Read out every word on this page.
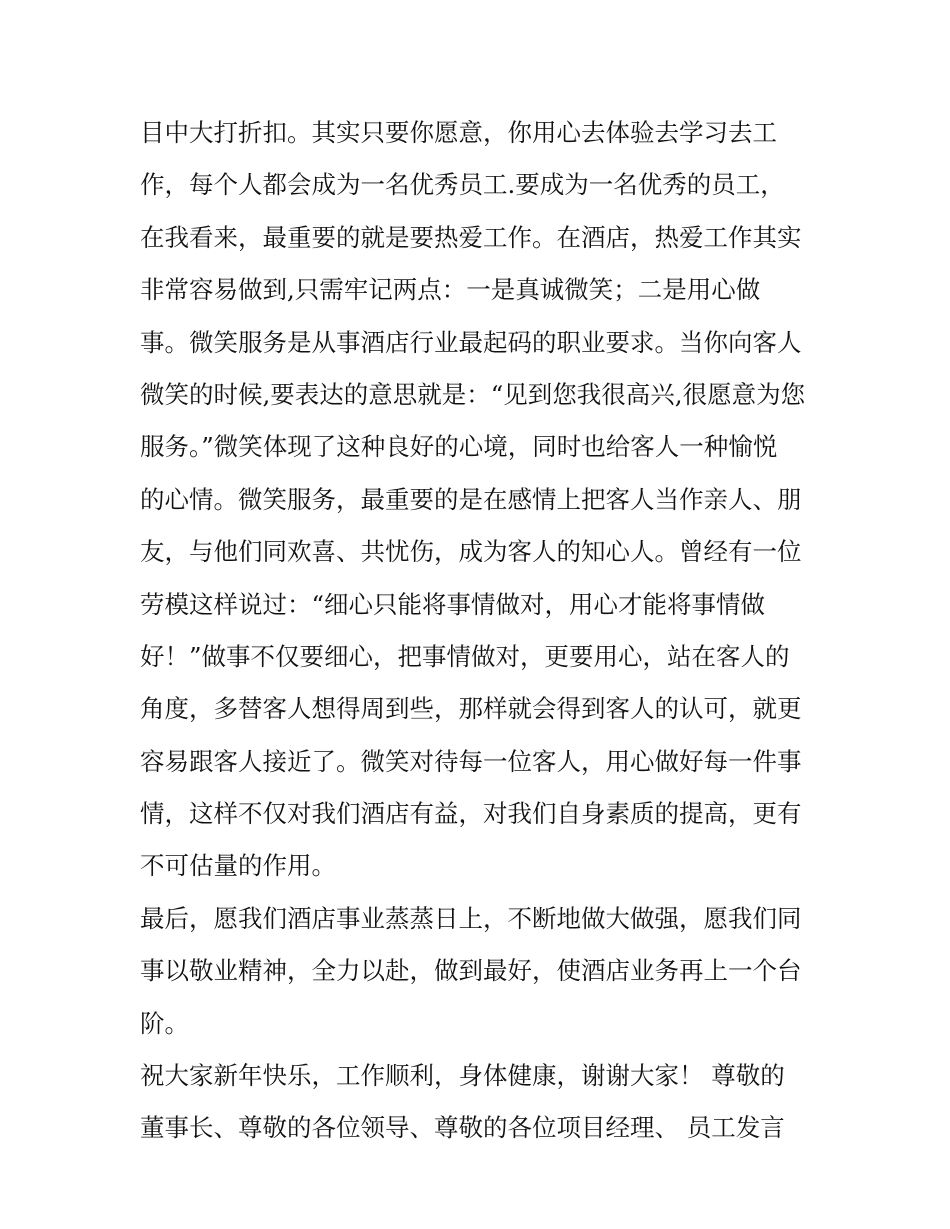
目中大打折扣。其实只要你愿意，你用心去体验去学习去工
作，每个人都会成为一名优秀员工.要成为一名优秀的员工，
在我看来，最重要的就是要热爱工作。在酒店，热爱工作其实
非常容易做到,只需牢记两点：一是真诚微笑；二是用心做
事。微笑服务是从事酒店行业最起码的职业要求。当你向客人
微笑的时候,要表达的意思就是：“见到您我很高兴,很愿意为您
服务。”微笑体现了这种良好的心境，同时也给客人一种愉悦
的心情。微笑服务，最重要的是在感情上把客人当作亲人、朋
友，与他们同欢喜、共忧伤，成为客人的知心人。曾经有一位
劳模这样说过：“细心只能将事情做对，用心才能将事情做
好！”做事不仅要细心，把事情做对，更要用心，站在客人的
角度，多替客人想得周到些，那样就会得到客人的认可，就更
容易跟客人接近了。微笑对待每一位客人，用心做好每一件事
情，这样不仅对我们酒店有益，对我们自身素质的提高，更有
不可估量的作用。
最后，愿我们酒店事业蒸蒸日上，不断地做大做强，愿我们同
事以敬业精神，全力以赴，做到最好，使酒店业务再上一个台
阶。
祝大家新年快乐，工作顺利，身体健康，谢谢大家！ 尊敬的
董事长、尊敬的各位领导、尊敬的各位项目经理、 员工发言
